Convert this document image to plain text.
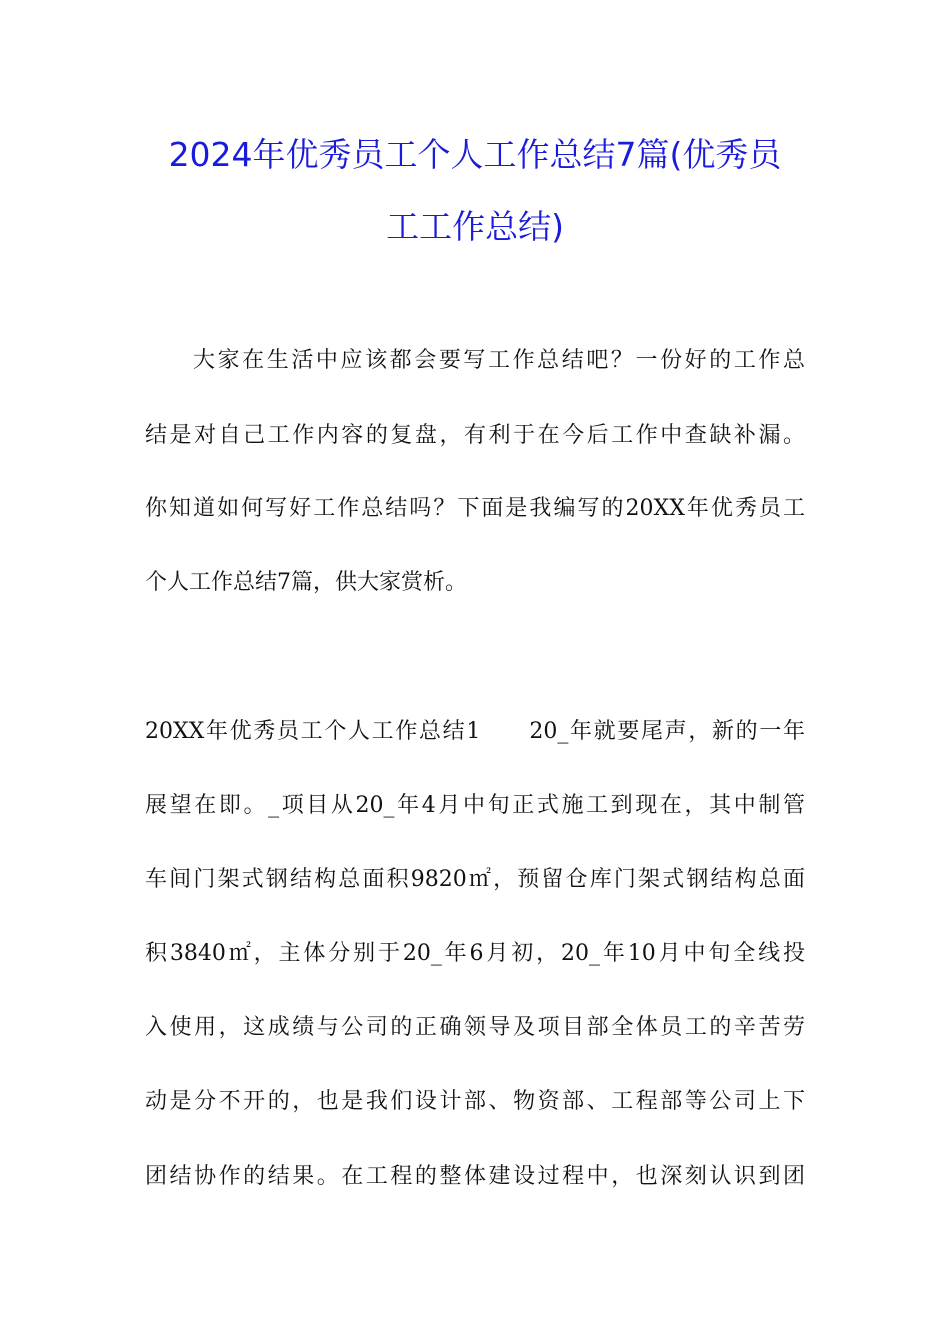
2024年优秀员工个人工作总结7篇(优秀员
工工作总结)
大家在生活中应该都会要写工作总结吧？一份好的工作总
结是对自己工作内容的复盘，有利于在今后工作中查缺补漏。
你知道如何写好工作总结吗？下面是我编写的20XX年优秀员工
个人工作总结7篇，供大家赏析。
20XX年优秀员工个人工作总结1　　20_年就要尾声，新的一年
展望在即。_项目从20_年4月中旬正式施工到现在，其中制管
车间门架式钢结构总面积9820㎡，预留仓库门架式钢结构总面
积3840㎡，主体分别于20_年6月初，20_年10月中旬全线投
入使用，这成绩与公司的正确领导及项目部全体员工的辛苦劳
动是分不开的，也是我们设计部、物资部、工程部等公司上下
团结协作的结果。在工程的整体建设过程中，也深刻认识到团
